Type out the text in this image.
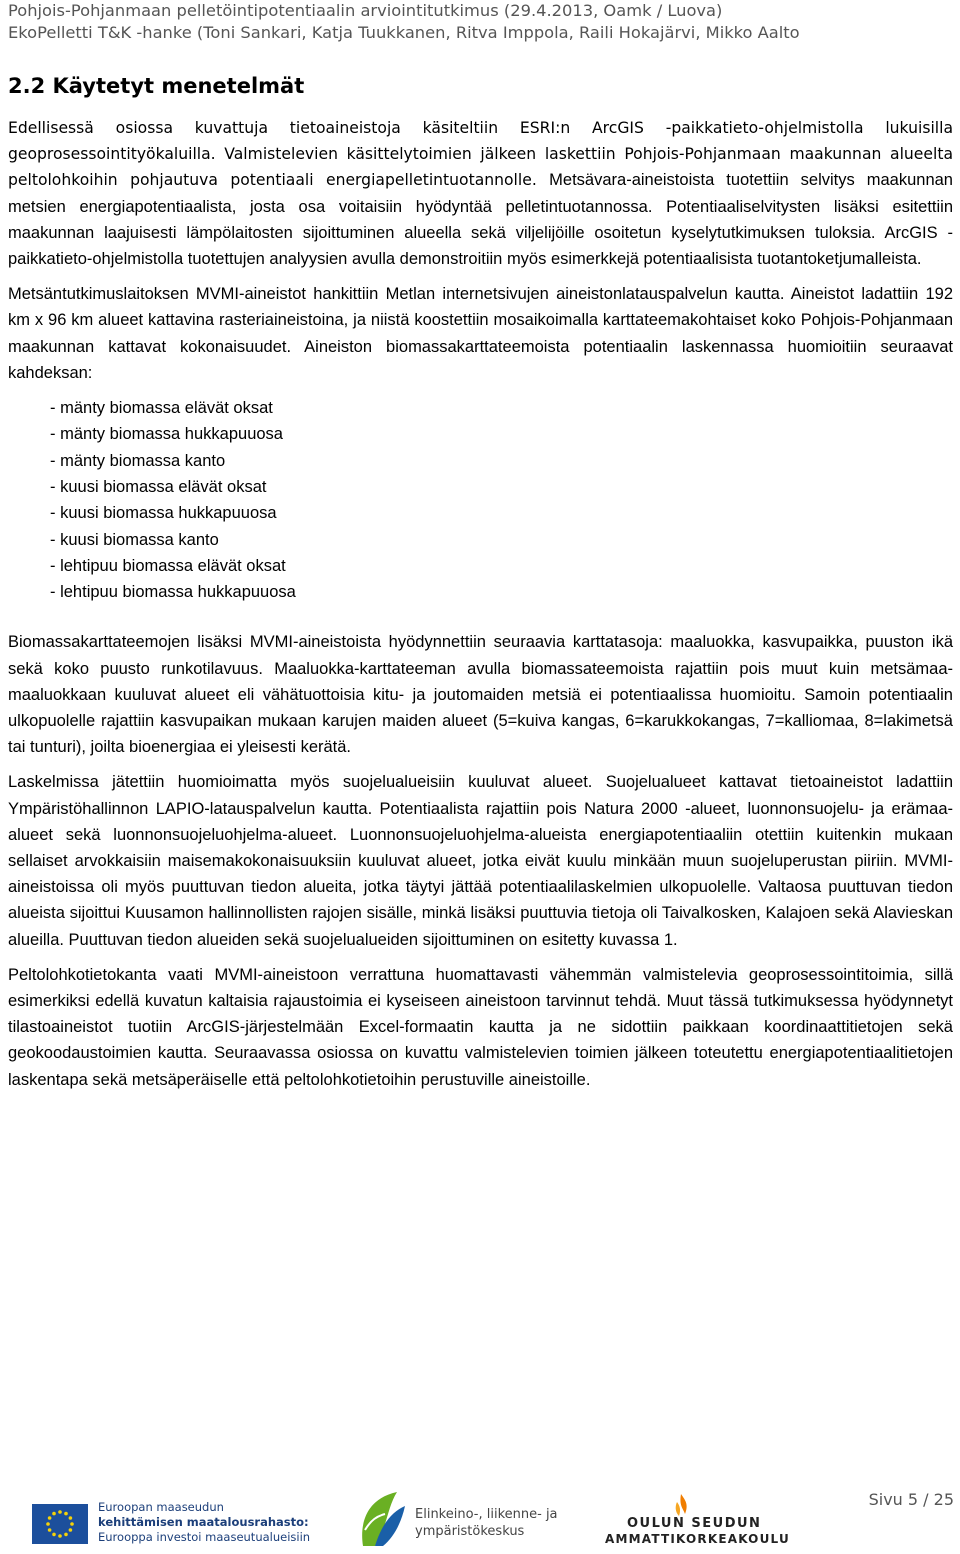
Pohjois-Pohjanmaan pelletöintipotentiaalin arviointitutkimus (29.4.2013, Oamk / Luova)
EkoPelletti T&K -hanke (Toni Sankari, Katja Tuukkanen, Ritva Imppola, Raili Hokajärvi, Mikko Aalto
2.2 Käytetyt menetelmät

Edellisessä osiossa kuvattuja tietoaineistoja käsiteltiin ESRI:n ArcGIS -paikkatieto-ohjelmistolla lukuisilla geoprosessointityökaluilla. Valmistelevien käsittelytoimien jälkeen laskettiin Pohjois-Pohjanmaan maakunnan alueelta peltolohkoihin pohjautuva potentiaali energiapelletintuotannolle. Metsävara-aineistoista tuotettiin selvitys maakunnan metsien energiapotentiaalista, josta osa voitaisiin hyödyntää pelletintuotannossa. Potentiaaliselvitysten lisäksi esitettiin maakunnan laajuisesti lämpölaitosten sijoittuminen alueella sekä viljelijöille osoitetun kyselytutkimuksen tuloksia. ArcGIS -paikkatieto-ohjelmistolla tuotettujen analyysien avulla demonstroitiin myös esimerkkejä potentiaalisista tuotantoketjumalleista.

Metsäntutkimuslaitoksen MVMI-aineistot hankittiin Metlan internetsivujen aineistonlatauspalvelun kautta. Aineistot ladattiin 192 km x 96 km alueet kattavina rasteriaineistoina, ja niistä koostettiin mosaikoimalla karttateemakohtaiset koko Pohjois-Pohjanmaan maakunnan kattavat kokonaisuudet. Aineiston biomassakarttateemoista potentiaalin laskennassa huomioitiin seuraavat kahdeksan:

- mänty biomassa elävät oksat
- mänty biomassa hukkapuuosa
- mänty biomassa kanto
- kuusi biomassa elävät oksat
- kuusi biomassa hukkapuuosa
- kuusi biomassa kanto
- lehtipuu biomassa elävät oksat
- lehtipuu biomassa hukkapuuosa

Biomassakarttateemojen lisäksi MVMI-aineistoista hyödynnettiin seuraavia karttatasoja: maaluokka, kasvupaikka, puuston ikä sekä koko puusto runkotilavuus. Maaluokka-karttateeman avulla biomassateemoista rajattiin pois muut kuin metsämaa-maaluokkaan kuuluvat alueet eli vähätuottoisia kitu- ja joutomaiden metsiä ei potentiaalissa huomioitu. Samoin potentiaalin ulkopuolelle rajattiin kasvupaikan mukaan karujen maiden alueet (5=kuiva kangas, 6=karukkokangas, 7=kalliomaa, 8=lakimetsä tai tunturi), joilta bioenergiaa ei yleisesti kerätä.

Laskelmissa jätettiin huomioimatta myös suojelualueisiin kuuluvat alueet. Suojelualueet kattavat tietoaineistot ladattiin Ympäristöhallinnon LAPIO-latauspalvelun kautta. Potentiaalista rajattiin pois Natura 2000 -alueet, luonnonsuojelu- ja erämaa-alueet sekä luonnonsuojeluohjelma-alueet. Luonnonsuojeluohjelma-alueista energiapotentiaaliin otettiin kuitenkin mukaan sellaiset arvokkaisiin maisemakokonaisuuksiin kuuluvat alueet, jotka eivät kuulu minkään muun suojeluperustan piiriin. MVMI-aineistoissa oli myös puuttuvan tiedon alueita, jotka täytyi jättää potentiaalilaskelmien ulkopuolelle. Valtaosa puuttuvan tiedon alueista sijoittui Kuusamon hallinnollisten rajojen sisälle, minkä lisäksi puuttuvia tietoja oli Taivalkosken, Kalajoen sekä Alavieskan alueilla. Puuttuvan tiedon alueiden sekä suojelualueiden sijoittuminen on esitetty kuvassa 1.

Peltolohkotietokanta vaati MVMI-aineistoon verrattuna huomattavasti vähemmän valmistelevia geoprosessointitoimia, sillä esimerkiksi edellä kuvatun kaltaisia rajaustoimia ei kyseiseen aineistoon tarvinnut tehdä. Muut tässä tutkimuksessa hyödynnetyt tilastoaineistot tuotiin ArcGIS-järjestelmään Excel-formaatin kautta ja ne sidottiin paikkaan koordinaattitietojen sekä geokoodaustoimien kautta. Seuraavassa osiossa on kuvattu valmistelevien toimien jälkeen toteutettu energiapotentiaalitietojen laskentapa sekä metsäperäiselle että peltolohkotietoihin perustuville aineistoille.

Euroopan maaseudun
kehittämisen maatalousrahasto:
Eurooppa investoi maaseutualueisiin
Elinkeino-, liikenne- ja
ympäristökeskus
OULUN SEUDUN
AMMATTIKORKEAKOULU
Sivu 5 / 25
